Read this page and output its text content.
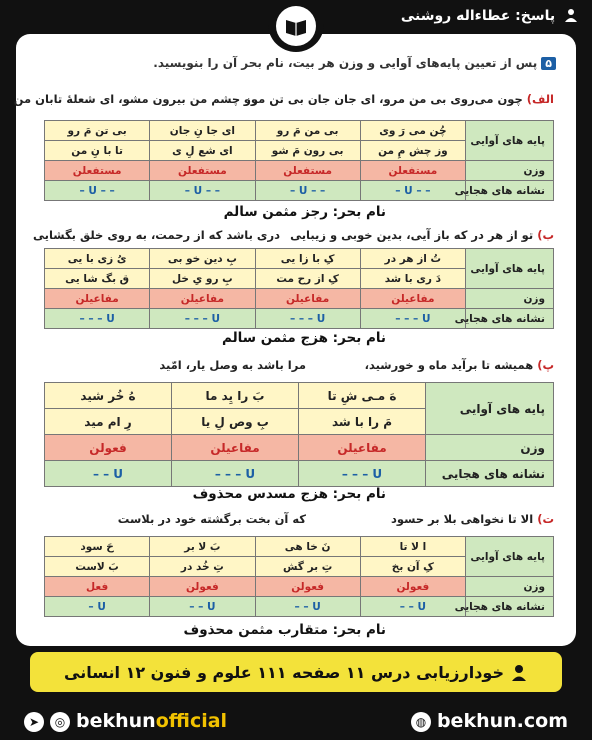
پاسخ: عطاءاله روشنی
۵
پس از تعیین پایه‌های آوایی و وزن هر بیت، نام بحر آن را بنویسید.
الف) چون می‌روی بی من مرو، ای جان جان بی تن مرو
وز چشم من بیرون مشو، ای شعلهٔ تابان من
پایه های آوایی	چُن می رَ وی	بی من مَ رو	ای جا نِ جان	بی تن مَ رو
	وز چش مِ من	بی رون مَ شو	ای شع لِ ی	تا با نِ من
وزن	مستفعلن	مستفعلن	مستفعلن	مستفعلن
نشانه های هجایی	– – U –	– – U –	– – U –	– – U –
نام بحر: رجز مثمن سالم
ب) تو از هر در که باز آیی، بدین خوبی و زیبایی
دری باشد که از رحمت، به روی خلق بگشایی
پایه های آوایی	تُ از هر در	کِ با زا یی	بِ دین خو بی	یُ زی با یی
	دَ ری با شد	کِ از رح مت	بِ رو یِ خل	ق بگ شا یی
وزن	مفاعیلن	مفاعیلن	مفاعیلن	مفاعیلن
نشانه های هجایی	U – – –	U – – –	U – – –	U – – –
نام بحر: هزج مثمن سالم
پ) همیشه تا برآید ماه و خورشید،
مرا باشد به وصل یار، امّید
پایه های آوایی	هَ مـی شِ تا	بَ را یِد ما	هُ خُر شید
	مَ را با شد	بِ وص لِ یا	رِ ام مید
وزن	مفاعیلن	مفاعیلن	فعولن
نشانه های هجایی	U – – –	U – – –	U – –
نام بحر: هزج مسدس محذوف
ت) الا تا نخواهی بلا بر حسود
که آن بخت برگشته خود در بلاست
پایه های آوایی	ا لا تا	نَ خا هی	بَ لا بر	حَ سود
	کِ آن بخ	تِ بر گش	تِ خُد در	بَ لاست
وزن	فعولن	فعولن	فعولن	فعل
نشانه های هجایی	U – –	U – –	U – –	U –
نام بحر: متقارب مثمن محذوف
خودارزیابی درس ۱۱ صفحه ۱۱۱ علوم و فنون ۱۲ انسانی
➤ ◎ bekhunofficial	◍ bekhun.com
